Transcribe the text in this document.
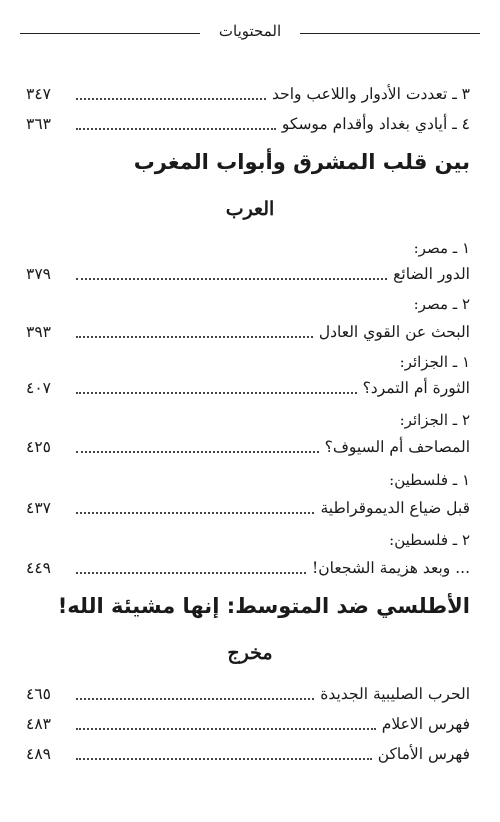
المحتويات
٣ ـ تعددت الأدوار واللاعب واحد
٣٤٧
٤ ـ أيادي بغداد وأقدام موسكو
٣٦٣
بين قلب المشرق وأبواب المغرب
العرب
١ ـ مصر:
الدور الضائع
٣٧٩
٢ ـ مصر:
البحث عن القوي العادل
٣٩٣
١ ـ الجزائر:
الثورة أم التمرد؟
٤٠٧
٢ ـ الجزائر:
المصاحف أم السيوف؟
٤٢٥
١ ـ فلسطين:
قبل ضياع الديموقراطية
٤٣٧
٢ ـ فلسطين:
... وبعد هزيمة الشجعان!
٤٤٩
الأطلسي ضد المتوسط: إنها مشيئة الله!
مخرج
الحرب الصليبية الجديدة
٤٦٥
فهرس الاعلام
٤٨٣
فهرس الأماكن
٤٨٩
